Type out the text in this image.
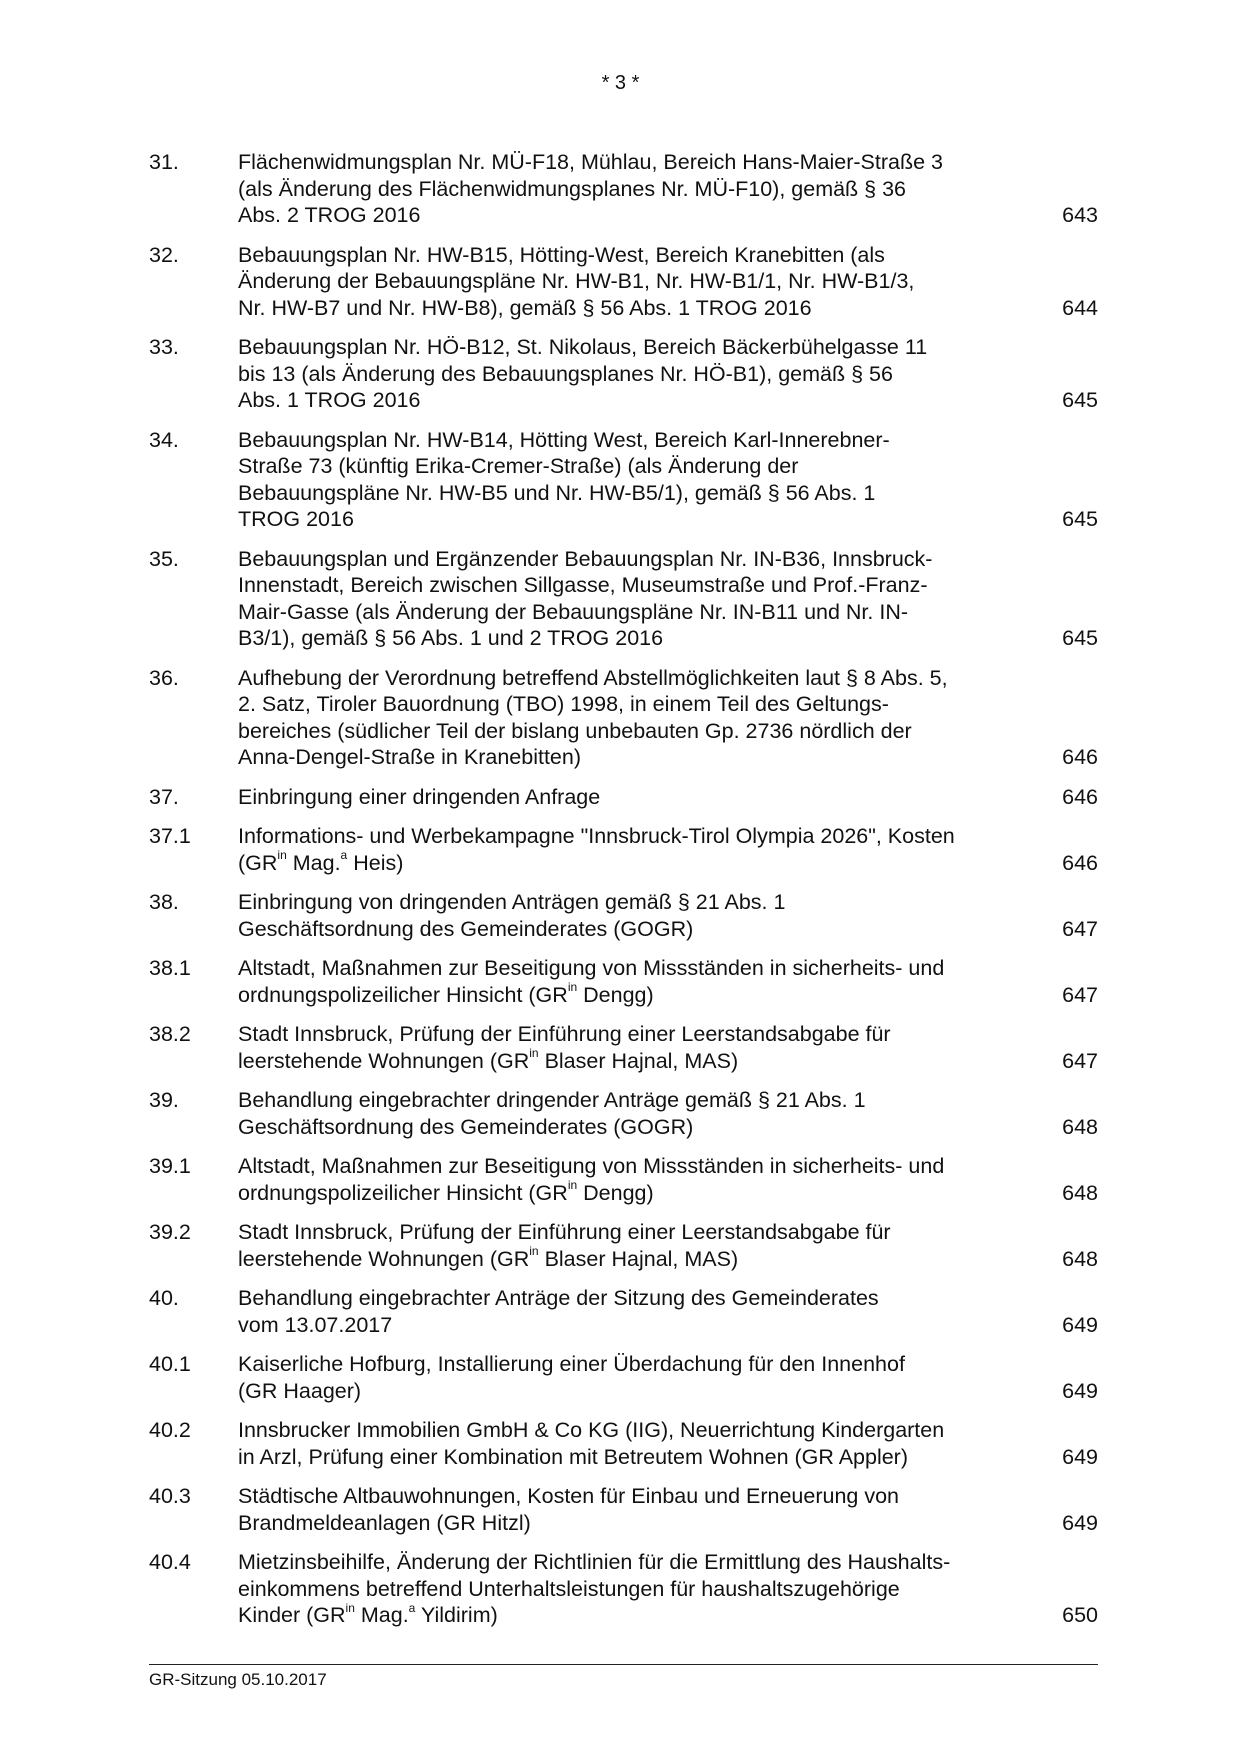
* 3 *
31.	Flächenwidmungsplan Nr. MÜ-F18, Mühlau, Bereich Hans-Maier-Straße 3
(als Änderung des Flächenwidmungsplanes Nr. MÜ-F10), gemäß § 36
Abs. 2 TROG 2016	643
32.	Bebauungsplan Nr. HW-B15, Hötting-West, Bereich Kranebitten (als
Änderung der Bebauungspläne Nr. HW-B1, Nr. HW-B1/1, Nr. HW-B1/3,
Nr. HW-B7 und Nr. HW-B8), gemäß § 56 Abs. 1 TROG 2016	644
33.	Bebauungsplan Nr. HÖ-B12, St. Nikolaus, Bereich Bäckerbühelgasse 11
bis 13 (als Änderung des Bebauungsplanes Nr. HÖ-B1), gemäß § 56
Abs. 1 TROG 2016	645
34.	Bebauungsplan Nr. HW-B14, Hötting West, Bereich Karl-Innerebner-
Straße 73 (künftig Erika-Cremer-Straße) (als Änderung der
Bebauungspläne Nr. HW-B5 und Nr. HW-B5/1), gemäß § 56 Abs. 1
TROG 2016	645
35.	Bebauungsplan und Ergänzender Bebauungsplan Nr. IN-B36, Innsbruck-
Innenstadt, Bereich zwischen Sillgasse, Museumstraße und Prof.-Franz-
Mair-Gasse (als Änderung der Bebauungspläne Nr. IN-B11 und Nr. IN-
B3/1), gemäß § 56 Abs. 1 und 2 TROG 2016	645
36.	Aufhebung der Verordnung betreffend Abstellmöglichkeiten laut § 8 Abs. 5,
2. Satz, Tiroler Bauordnung (TBO) 1998, in einem Teil des Geltungs-
bereiches (südlicher Teil der bislang unbebauten Gp. 2736 nördlich der
Anna-Dengel-Straße in Kranebitten)	646
37.	Einbringung einer dringenden Anfrage	646
37.1	Informations- und Werbekampagne "Innsbruck-Tirol Olympia 2026", Kosten
($GR^{in}$ Mag.$^a$ Heis)	646
38.	Einbringung von dringenden Anträgen gemäß § 21 Abs. 1
Geschäftsordnung des Gemeinderates (GOGR)	647
38.1	Altstadt, Maßnahmen zur Beseitigung von Missständen in sicherheits- und
ordnungspolizeilicher Hinsicht ($GR^{in}$ Dengg)	647
38.2	Stadt Innsbruck, Prüfung der Einführung einer Leerstandsabgabe für
leerstehende Wohnungen ($GR^{in}$ Blaser Hajnal, MAS)	647
39.	Behandlung eingebrachter dringender Anträge gemäß § 21 Abs. 1
Geschäftsordnung des Gemeinderates (GOGR)	648
39.1	Altstadt, Maßnahmen zur Beseitigung von Missständen in sicherheits- und
ordnungspolizeilicher Hinsicht ($GR^{in}$ Dengg)	648
39.2	Stadt Innsbruck, Prüfung der Einführung einer Leerstandsabgabe für
leerstehende Wohnungen ($GR^{in}$ Blaser Hajnal, MAS)	648
40.	Behandlung eingebrachter Anträge der Sitzung des Gemeinderates
vom 13.07.2017	649
40.1	Kaiserliche Hofburg, Installierung einer Überdachung für den Innenhof
(GR Haager)	649
40.2	Innsbrucker Immobilien GmbH & Co KG (IIG), Neuerrichtung Kindergarten
in Arzl, Prüfung einer Kombination mit Betreutem Wohnen (GR Appler)	649
40.3	Städtische Altbauwohnungen, Kosten für Einbau und Erneuerung von
Brandmeldeanlagen (GR Hitzl)	649
40.4	Mietzinsbeihilfe, Änderung der Richtlinien für die Ermittlung des Haushalts-
einkommens betreffend Unterhaltsleistungen für haushaltszugehörige
Kinder ($GR^{in}$ Mag.$^a$ Yildirim)	650
GR-Sitzung 05.10.2017
